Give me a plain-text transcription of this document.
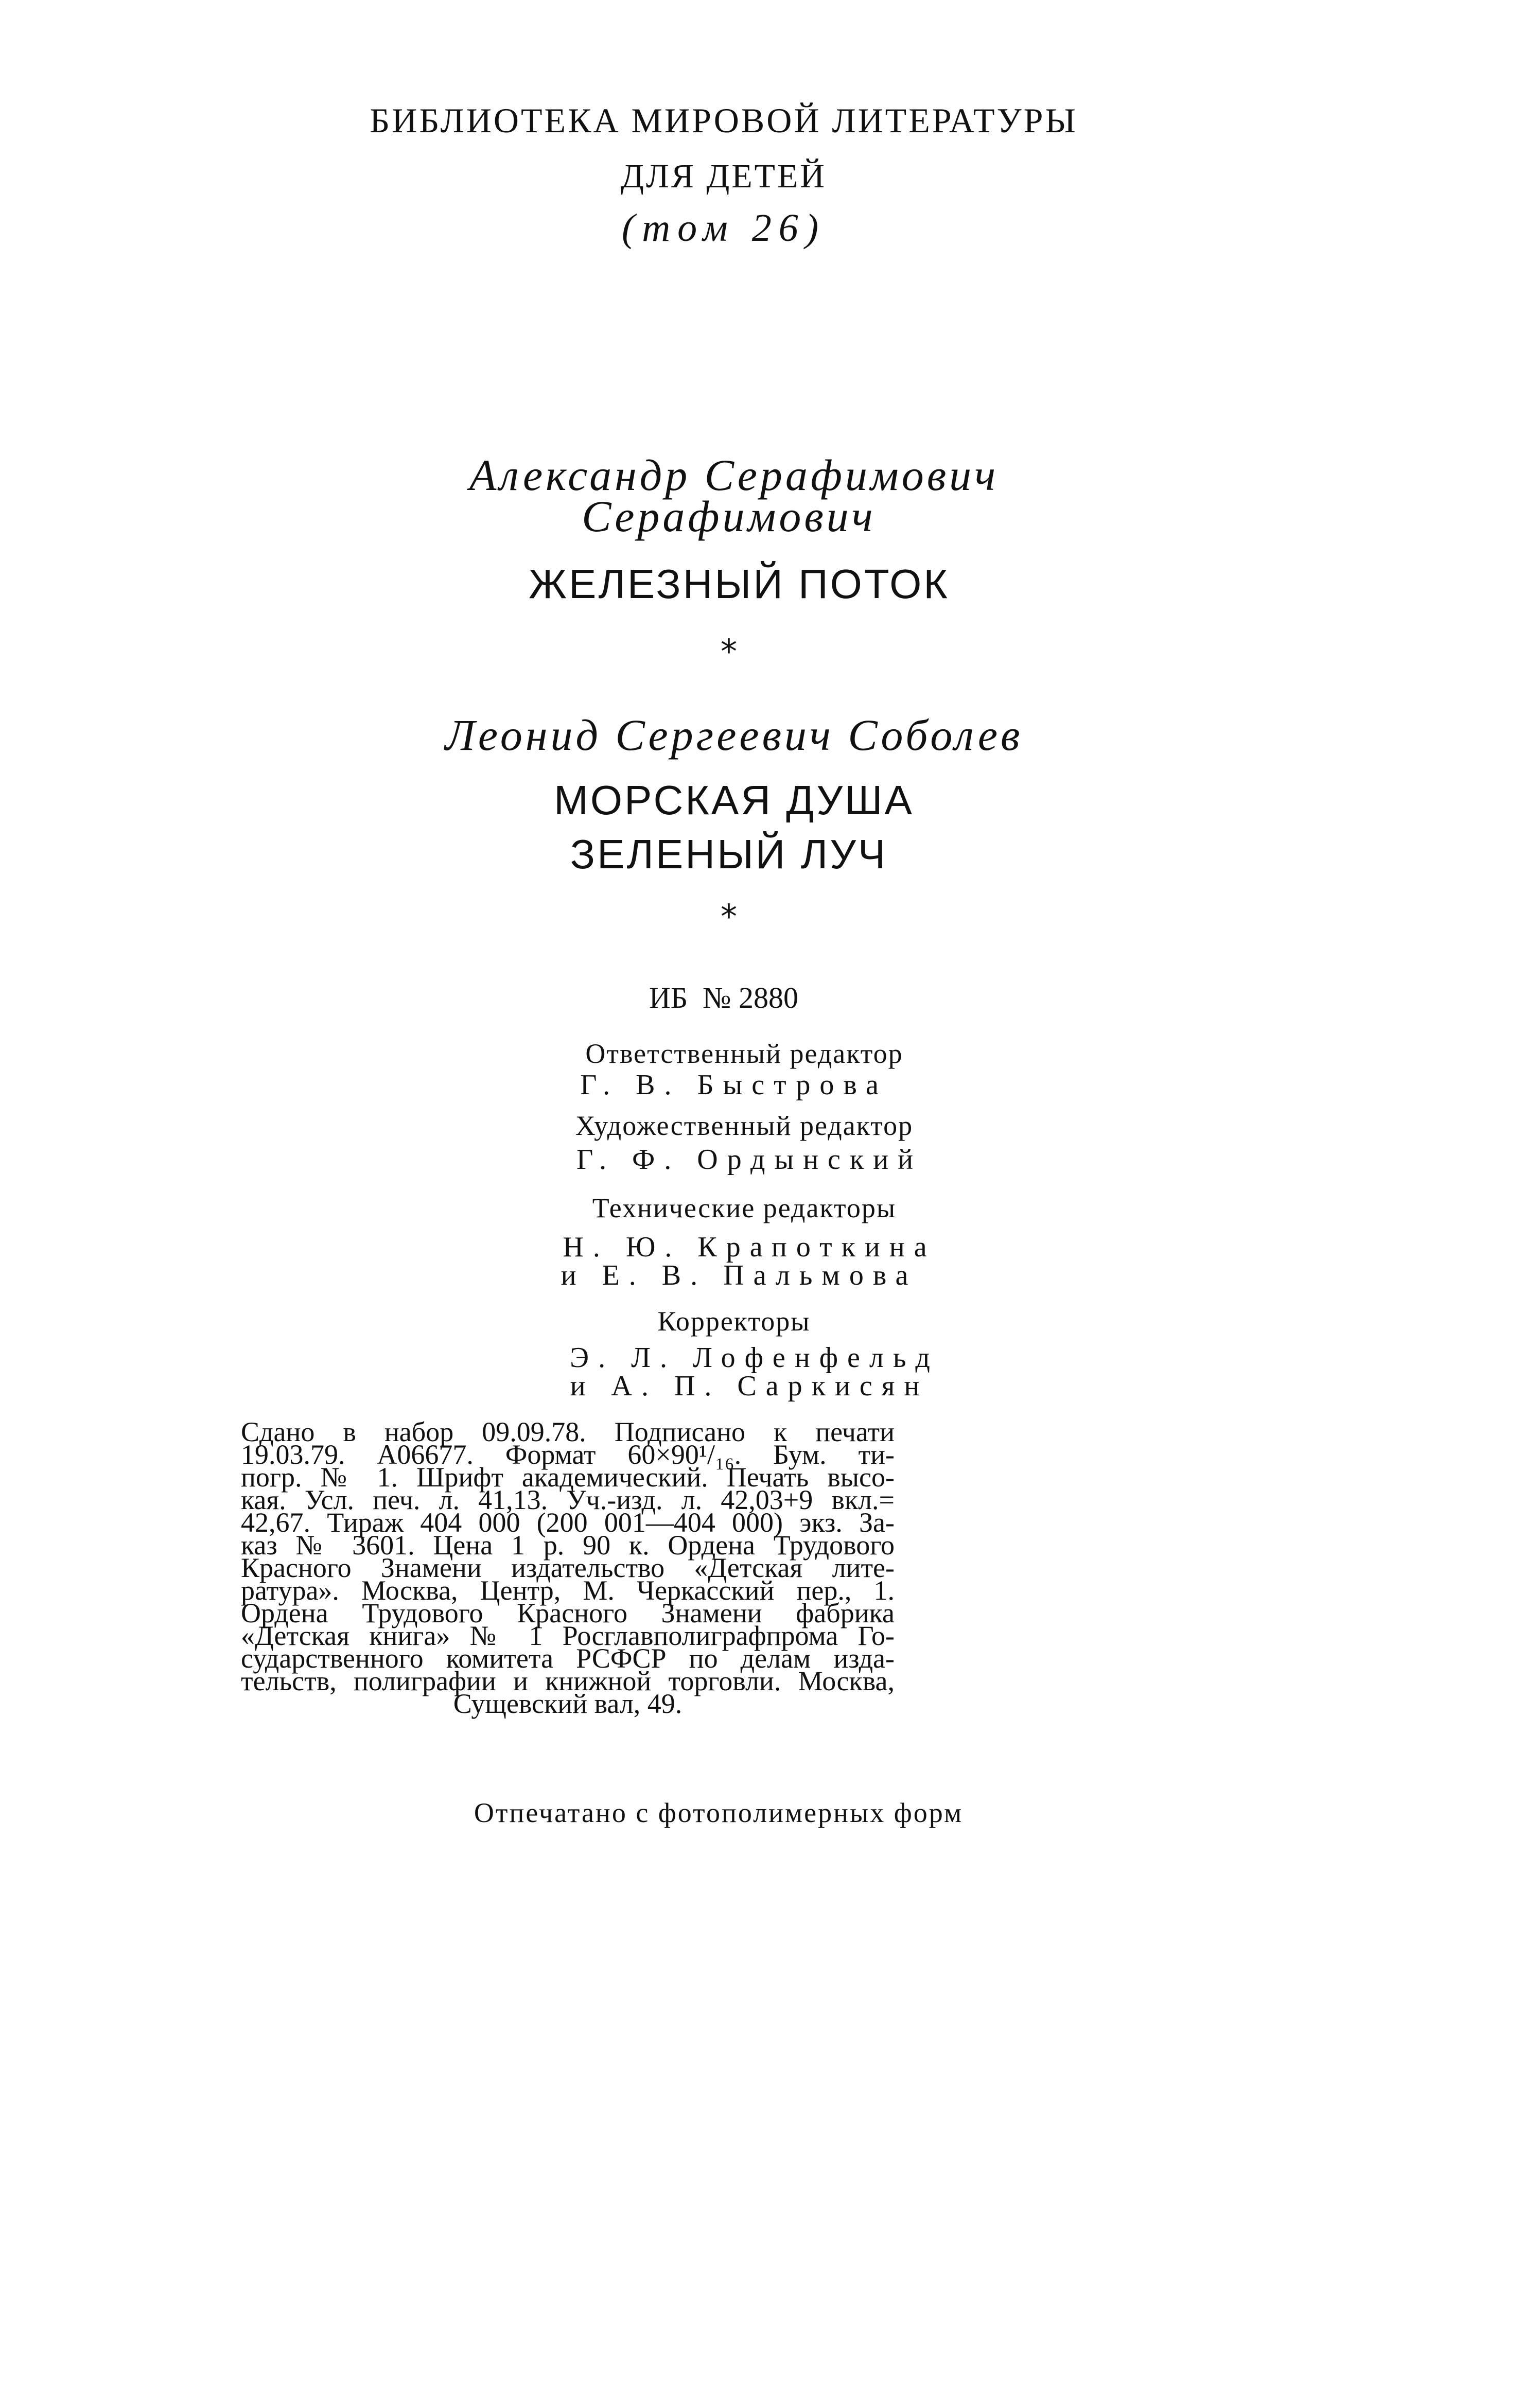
БИБЛИОТЕКА МИРОВОЙ ЛИТЕРАТУРЫ

ДЛЯ ДЕТЕЙ

(том 26)

Александр Серафимович

Серафимович

ЖЕЛЕЗНЫЙ ПОТОК

*

Леонид Сергеевич Соболев

МОРСКАЯ ДУША

ЗЕЛЕНЫЙ ЛУЧ

*

ИБ  № 2880

Ответственный редактор

Г. В. Быстрова

Художественный редактор

Г. Ф. Ордынский

Технические редакторы

Н. Ю. Крапоткина

и Е. В. Пальмова

Корректоры

Э. Л. Лофенфельд

и А. П. Саркисян

Сдано в набор 09.09.78. Подписано к печати
19.03.79. А06677. Формат 60×90¹/₁₆. Бум. ти-
погр. № 1. Шрифт академический. Печать высо-
кая. Усл. печ. л. 41,13. Уч.-изд. л. 42,03+9 вкл.=
42,67. Тираж 404 000 (200 001—404 000) экз. За-
каз № 3601. Цена 1 р. 90 к. Ордена Трудового
Красного Знамени издательство «Детская лите-
ратура». Москва, Центр, М. Черкасский пер., 1.
Ордена Трудового Красного Знамени фабрика
«Детская книга» № 1 Росглавполиграфпрома Го-
сударственного комитета РСФСР по делам изда-
тельств, полиграфии и книжной торговли. Москва,
Сущевский вал, 49.

Отпечатано с фотополимерных форм
